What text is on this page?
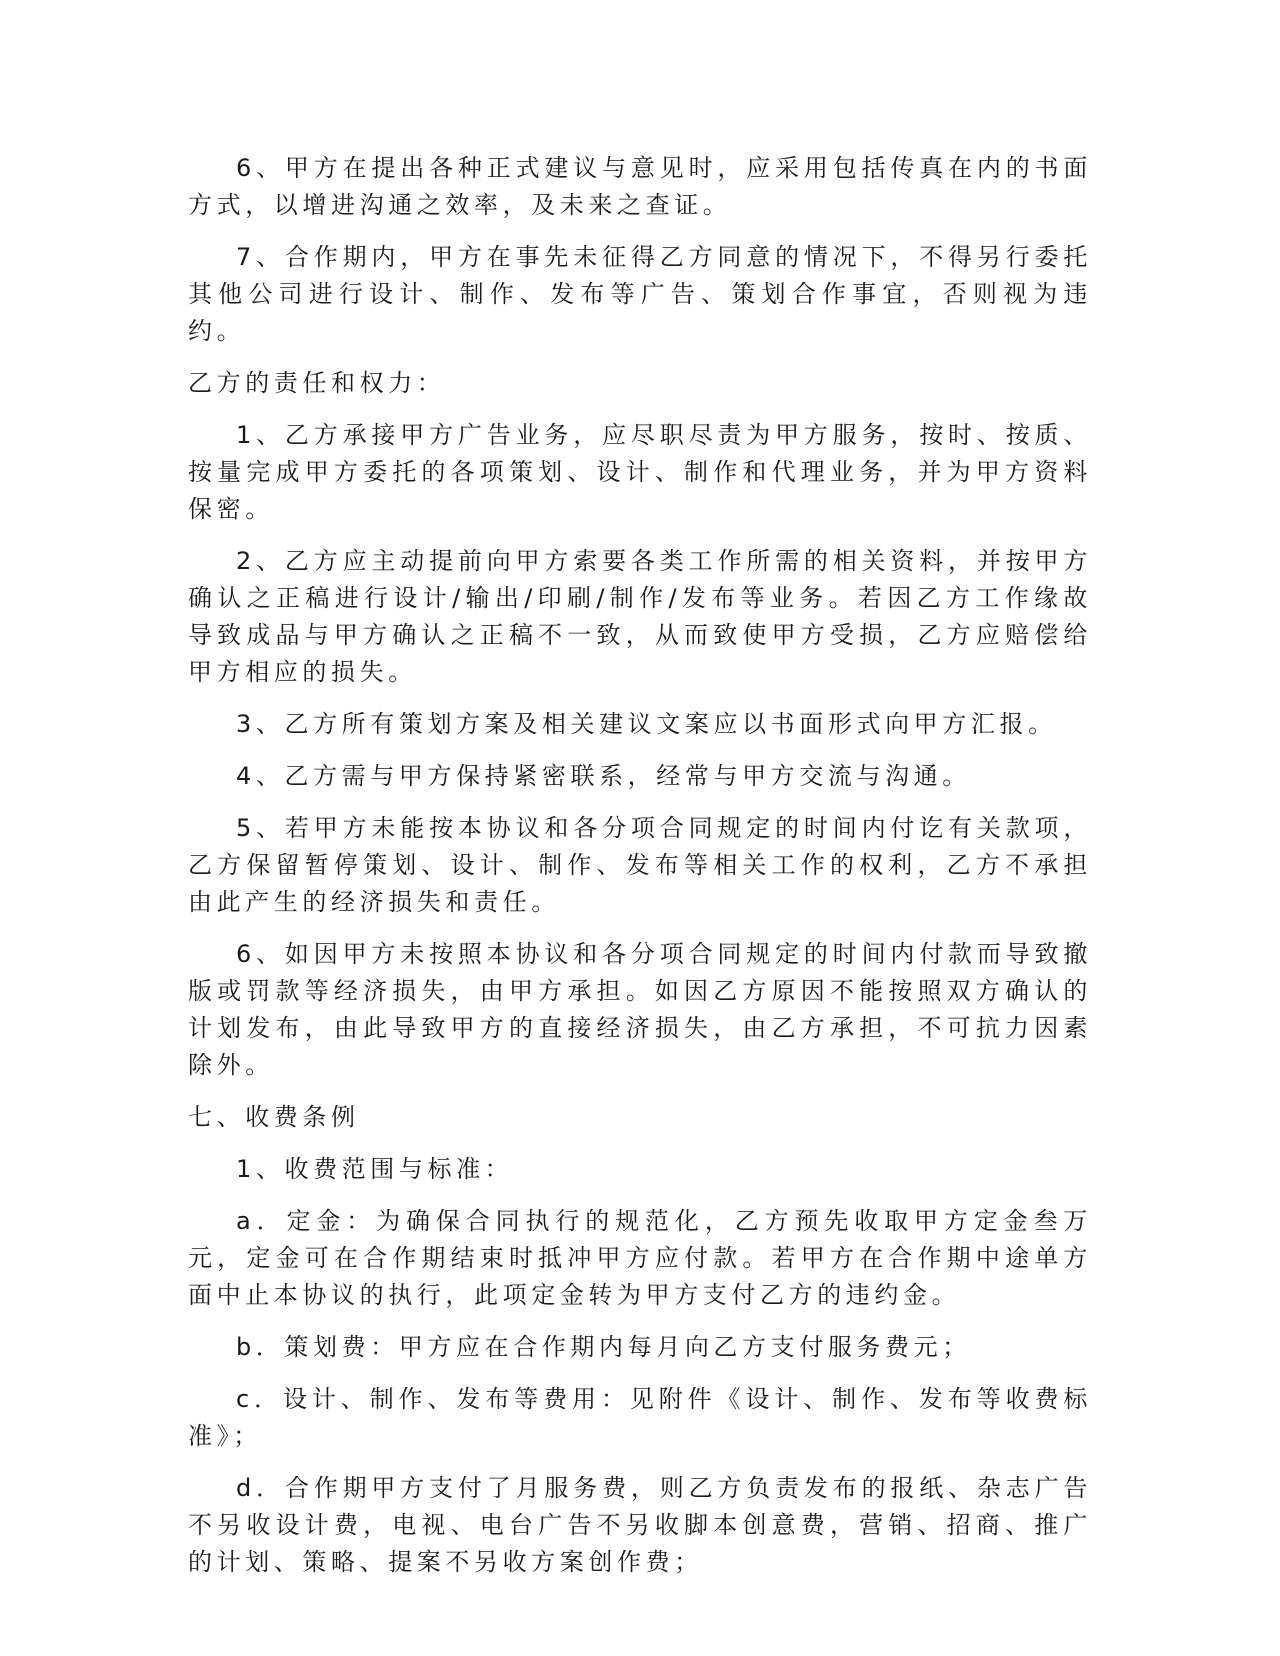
6、甲方在提出各种正式建议与意见时，应采用包括传真在内的书面方式，以增进沟通之效率，及未来之查证。

7、合作期内，甲方在事先未征得乙方同意的情况下，不得另行委托其他公司进行设计、制作、发布等广告、策划合作事宜，否则视为违约。

乙方的责任和权力：

1、乙方承接甲方广告业务，应尽职尽责为甲方服务，按时、按质、按量完成甲方委托的各项策划、设计、制作和代理业务，并为甲方资料保密。

2、乙方应主动提前向甲方索要各类工作所需的相关资料，并按甲方确认之正稿进行设计/输出/印刷/制作/发布等业务。若因乙方工作缘故导致成品与甲方确认之正稿不一致，从而致使甲方受损，乙方应赔偿给甲方相应的损失。

3、乙方所有策划方案及相关建议文案应以书面形式向甲方汇报。

4、乙方需与甲方保持紧密联系，经常与甲方交流与沟通。

5、若甲方未能按本协议和各分项合同规定的时间内付讫有关款项，乙方保留暂停策划、设计、制作、发布等相关工作的权利，乙方不承担由此产生的经济损失和责任。

6、如因甲方未按照本协议和各分项合同规定的时间内付款而导致撤版或罚款等经济损失，由甲方承担。如因乙方原因不能按照双方确认的计划发布，由此导致甲方的直接经济损失，由乙方承担，不可抗力因素除外。

七、收费条例

1、收费范围与标准：

a．定金：为确保合同执行的规范化，乙方预先收取甲方定金叁万元，定金可在合作期结束时抵冲甲方应付款。若甲方在合作期中途单方面中止本协议的执行，此项定金转为甲方支付乙方的违约金。

b．策划费：甲方应在合作期内每月向乙方支付服务费元；

c．设计、制作、发布等费用：见附件《设计、制作、发布等收费标准》；

d．合作期甲方支付了月服务费，则乙方负责发布的报纸、杂志广告不另收设计费，电视、电台广告不另收脚本创意费，营销、招商、推广的计划、策略、提案不另收方案创作费；
